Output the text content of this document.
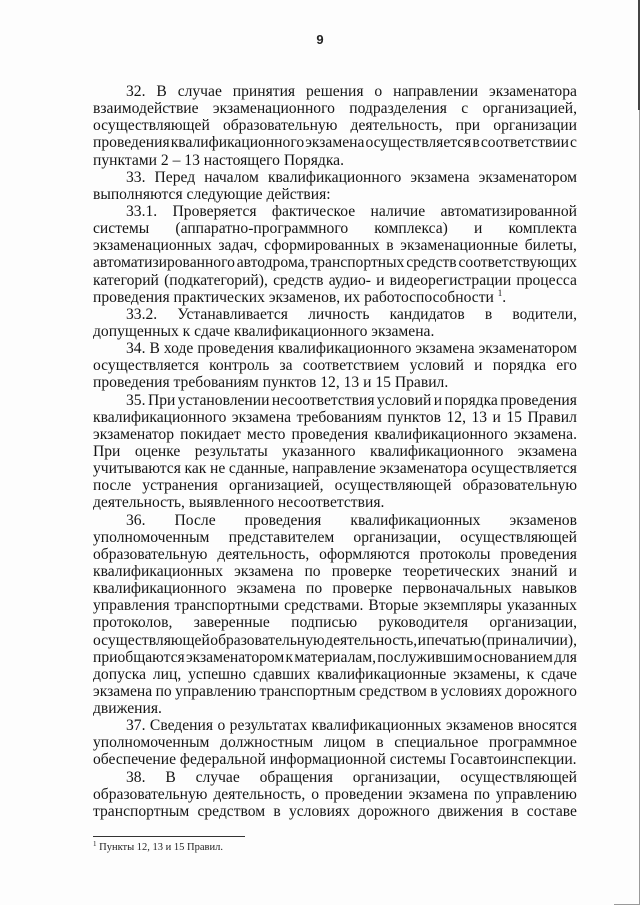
9
32. В случае принятия решения о направлении экзаменатора
взаимодействие экзаменационного подразделения с организацией,
осуществляющей образовательную деятельность, при организации
проведения квалификационного экзамена осуществляется в соответствии с
пунктами 2 – 13 настоящего Порядка.
33. Перед началом квалификационного экзамена экзаменатором
выполняются следующие действия:
33.1. Проверяется фактическое наличие автоматизированной
системы (аппаратно-программного комплекса) и комплекта
экзаменационных задач, сформированных в экзаменационные билеты,
автоматизированного автодрома, транспортных средств соответствующих
категорий (подкатегорий), средств аудио- и видеорегистрации процесса
проведения практических экзаменов, их работоспособности $^1$.
33.2. Устанавливается личность кандидатов в водители,
допущенных к сдаче квалификационного экзамена.
34. В ходе проведения квалификационного экзамена экзаменатором
осуществляется контроль за соответствием условий и порядка его
проведения требованиям пунктов 12, 13 и 15 Правил.
35. При установлении несоответствия условий и порядка проведения
квалификационного экзамена требованиям пунктов 12, 13 и 15 Правил
экзаменатор покидает место проведения квалификационного экзамена.
При оценке результаты указанного квалификационного экзамена
учитываются как не сданные, направление экзаменатора осуществляется
после устранения организацией, осуществляющей образовательную
деятельность, выявленного несоответствия.
36. После проведения квалификационных экзаменов
уполномоченным представителем организации, осуществляющей
образовательную деятельность, оформляются протоколы проведения
квалификационных экзамена по проверке теоретических знаний и
квалификационного экзамена по проверке первоначальных навыков
управления транспортными средствами. Вторые экземпляры указанных
протоколов, заверенные подписью руководителя организации,
осуществляющей образовательную деятельность, и печатью (при наличии),
приобщаются экзаменатором к материалам, послужившим основанием для
допуска лиц, успешно сдавших квалификационные экзамены, к сдаче
экзамена по управлению транспортным средством в условиях дорожного
движения.
37. Сведения о результатах квалификационных экзаменов вносятся
уполномоченным должностным лицом в специальное программное
обеспечение федеральной информационной системы Госавтоинспекции.
38. В случае обращения организации, осуществляющей
образовательную деятельность, о проведении экзамена по управлению
транспортным средством в условиях дорожного движения в составе
$^1$ Пункты 12, 13 и 15 Правил.
